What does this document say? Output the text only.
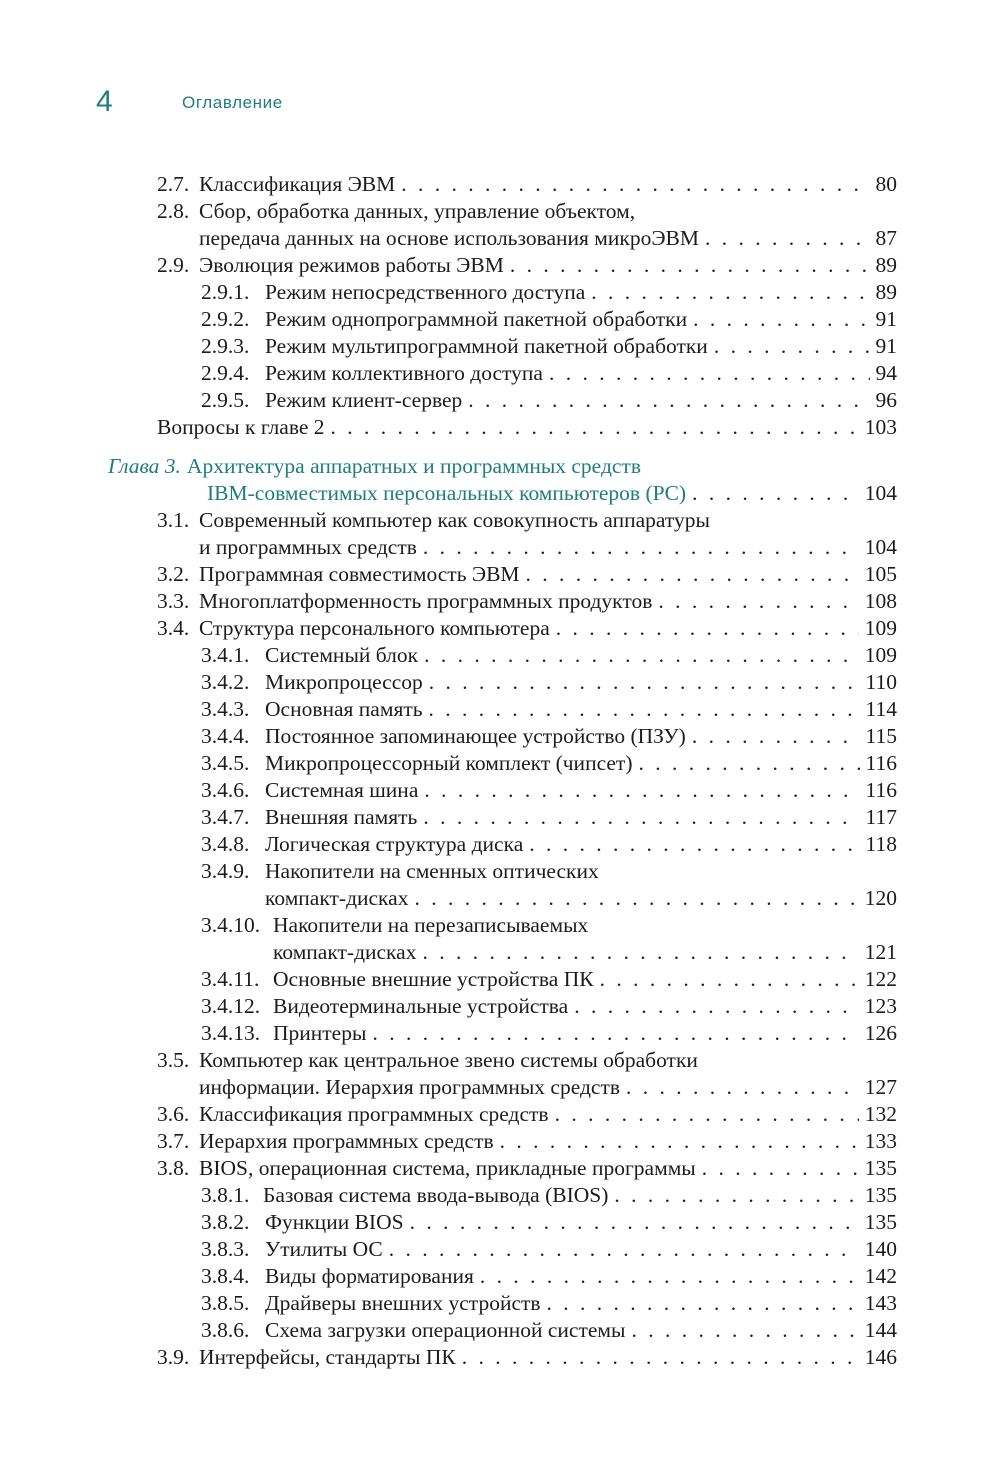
4	Оглавление
2.7. Классификация ЭВМ . . .	80
2.8. Сбор, обработка данных, управление объектом,
передача данных на основе использования микроЭВМ . . .	87
2.9. Эволюция режимов работы ЭВМ . . .	89
2.9.1. Режим непосредственного доступа . . .	89
2.9.2. Режим однопрограммной пакетной обработки . . .	91
2.9.3. Режим мультипрограммной пакетной обработки . . .	91
2.9.4. Режим коллективного доступа . . .	94
2.9.5. Режим клиент-сервер . . .	96
Вопросы к главе 2 . . .	103
Глава 3. Архитектура аппаратных и программных средств
IBM-совместимых персональных компьютеров (PC) . . .	104
3.1. Современный компьютер как совокупность аппаратуры
и программных средств . . .	104
3.2. Программная совместимость ЭВМ . . .	105
3.3. Многоплатформенность программных продуктов . . .	108
3.4. Структура персонального компьютера . . .	109
3.4.1. Системный блок . . .	109
3.4.2. Микропроцессор . . .	110
3.4.3. Основная память . . .	114
3.4.4. Постоянное запоминающее устройство (ПЗУ) . . .	115
3.4.5. Микропроцессорный комплект (чипсет) . . .	116
3.4.6. Системная шина . . .	116
3.4.7. Внешняя память . . .	117
3.4.8. Логическая структура диска . . .	118
3.4.9. Накопители на сменных оптических
компакт-дисках . . .	120
3.4.10. Накопители на перезаписываемых
компакт-дисках . . .	121
3.4.11. Основные внешние устройства ПК . . .	122
3.4.12. Видеотерминальные устройства . . .	123
3.4.13. Принтеры . . .	126
3.5. Компьютер как центральное звено системы обработки
информации. Иерархия программных средств . . .	127
3.6. Классификация программных средств . . .	132
3.7. Иерархия программных средств . . .	133
3.8. BIOS, операционная система, прикладные программы . . .	135
3.8.1. Базовая система ввода-вывода (BIOS) . . .	135
3.8.2. Функции BIOS . . .	135
3.8.3. Утилиты ОС . . .	140
3.8.4. Виды форматирования . . .	142
3.8.5. Драйверы внешних устройств . . .	143
3.8.6. Схема загрузки операционной системы . . .	144
3.9. Интерфейсы, стандарты ПК . . .	146
